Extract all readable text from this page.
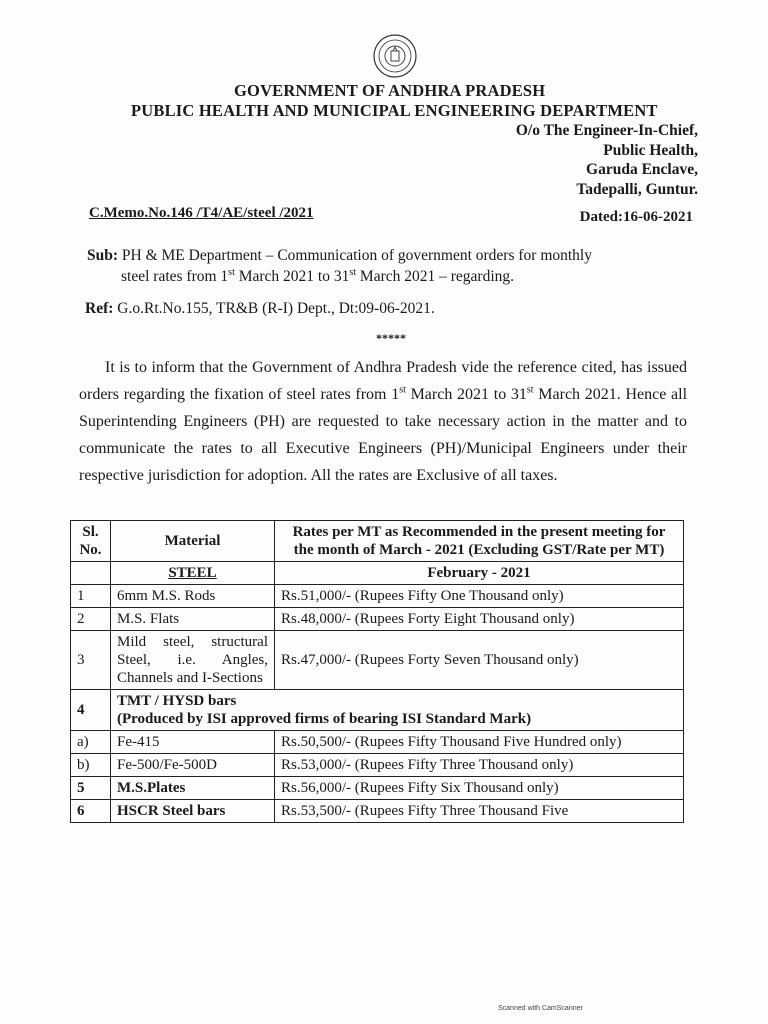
GOVERNMENT OF ANDHRA PRADESH
PUBLIC HEALTH AND MUNICIPAL ENGINEERING DEPARTMENT
O/o The Engineer-In-Chief,
Public Health,
Garuda Enclave,
Tadepalli, Guntur.
C.Memo.No.146 /T4/AE/steel /2021	Dated:16-06-2021
Sub: PH & ME Department – Communication of government orders for monthly
steel rates from 1st March 2021 to 31st March 2021 – regarding.
Ref: G.o.Rt.No.155, TR&B (R-I) Dept., Dt:09-06-2021.
*****
It is to inform that the Government of Andhra Pradesh vide the reference cited, has issued orders regarding the fixation of steel rates from 1st March 2021 to 31st March 2021. Hence all Superintending Engineers (PH) are requested to take necessary action in the matter and to communicate the rates to all Executive Engineers (PH)/Municipal Engineers under their respective jurisdiction for adoption. All the rates are Exclusive of all taxes.
Sl. No.	Material	Rates per MT as Recommended in the present meeting for the month of March - 2021 (Excluding GST/Rate per MT)
	STEEL	February - 2021
1	6mm M.S. Rods	Rs.51,000/- (Rupees Fifty One Thousand only)
2	M.S. Flats	Rs.48,000/- (Rupees Forty Eight Thousand only)
3	Mild steel, structural Steel, i.e. Angles, Channels and I-Sections	Rs.47,000/- (Rupees Forty Seven Thousand only)
4	TMT / HYSD bars
(Produced by ISI approved firms of bearing ISI Standard Mark)	

a)	Fe-415	Rs.50,500/- (Rupees Fifty Thousand Five Hundred only)
b)	Fe-500/Fe-500D	Rs.53,000/- (Rupees Fifty Three Thousand only)
5	M.S.Plates	Rs.56,000/- (Rupees Fifty Six Thousand only)
6	HSCR Steel bars	Rs.53,500/- (Rupees Fifty Three Thousand Five
Scanned with CamScanner
